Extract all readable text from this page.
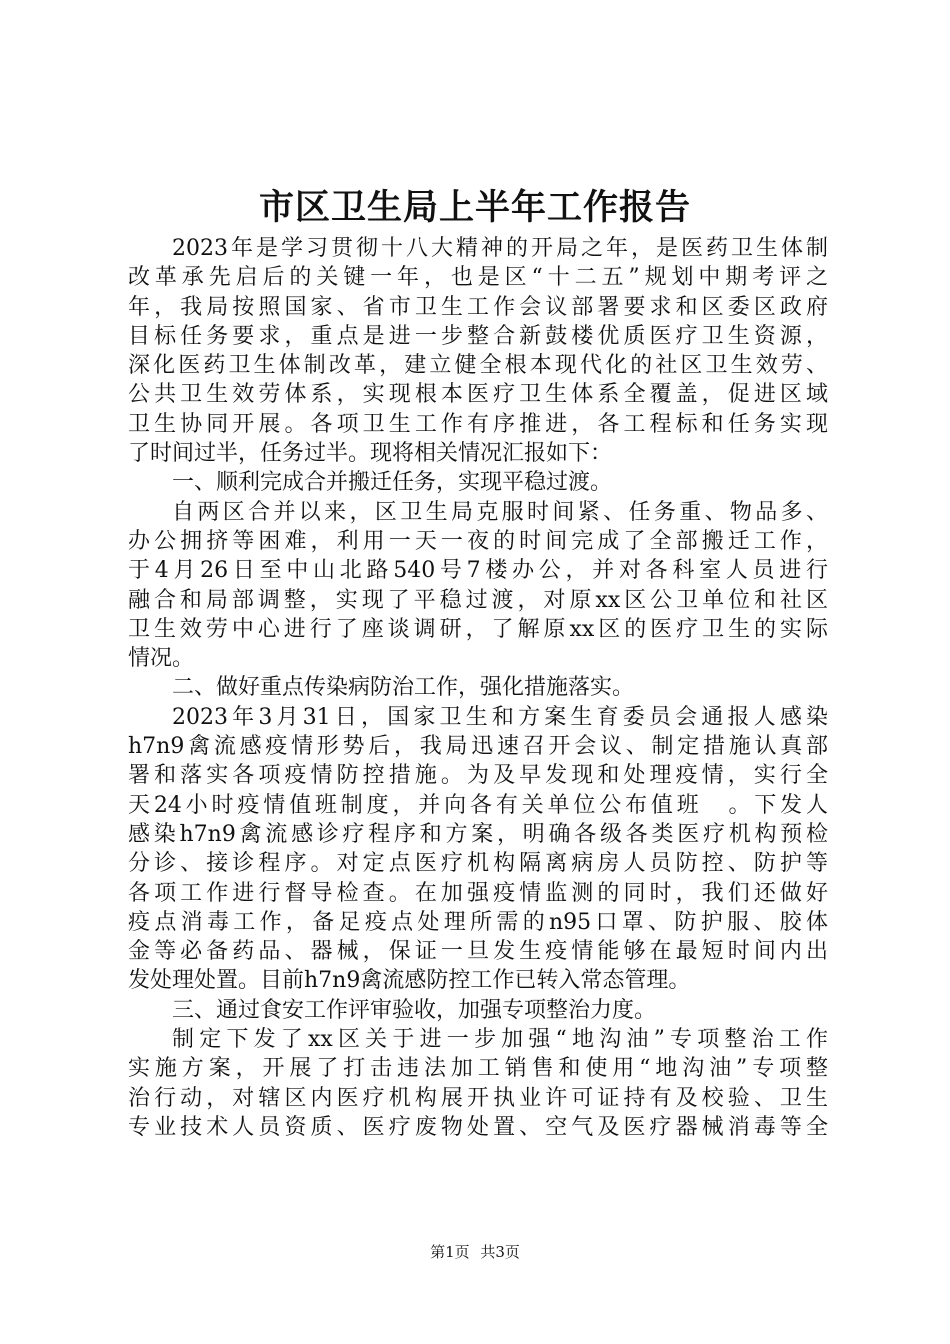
市区卫生局上半年工作报告
2023年是学习贯彻十八大精神的开局之年，是医药卫生体制
改革承先启后的关键一年，也是区“十二五”规划中期考评之
年，我局按照国家、省市卫生工作会议部署要求和区委区政府
目标任务要求，重点是进一步整合新鼓楼优质医疗卫生资源，
深化医药卫生体制改革，建立健全根本现代化的社区卫生效劳、
公共卫生效劳体系，实现根本医疗卫生体系全覆盖，促进区域
卫生协同开展。各项卫生工作有序推进，各工程标和任务实现
了时间过半，任务过半。现将相关情况汇报如下：
一、顺利完成合并搬迁任务，实现平稳过渡。
自两区合并以来，区卫生局克服时间紧、任务重、物品多、
办公拥挤等困难，利用一天一夜的时间完成了全部搬迁工作，
于4月26日至中山北路540号7楼办公，并对各科室人员进行
融合和局部调整，实现了平稳过渡，对原xx区公卫单位和社区
卫生效劳中心进行了座谈调研，了解原xx区的医疗卫生的实际
情况。
二、做好重点传染病防治工作，强化措施落实。
2023年3月31日，国家卫生和方案生育委员会通报人感染
h7n9禽流感疫情形势后，我局迅速召开会议、制定措施认真部
署和落实各项疫情防控措施。为及早发现和处理疫情，实行全
天24小时疫情值班制度，并向各有关单位公布值班　。下发人
感染h7n9禽流感诊疗程序和方案，明确各级各类医疗机构预检
分诊、接诊程序。对定点医疗机构隔离病房人员防控、防护等
各项工作进行督导检查。在加强疫情监测的同时，我们还做好
疫点消毒工作，备足疫点处理所需的n95口罩、防护服、胶体
金等必备药品、器械，保证一旦发生疫情能够在最短时间内出
发处理处置。目前h7n9禽流感防控工作已转入常态管理。
三、通过食安工作评审验收，加强专项整治力度。
制定下发了xx区关于进一步加强“地沟油”专项整治工作
实施方案，开展了打击违法加工销售和使用“地沟油”专项整
治行动，对辖区内医疗机构展开执业许可证持有及校验、卫生
专业技术人员资质、医疗废物处置、空气及医疗器械消毒等全
第1页 共3页
